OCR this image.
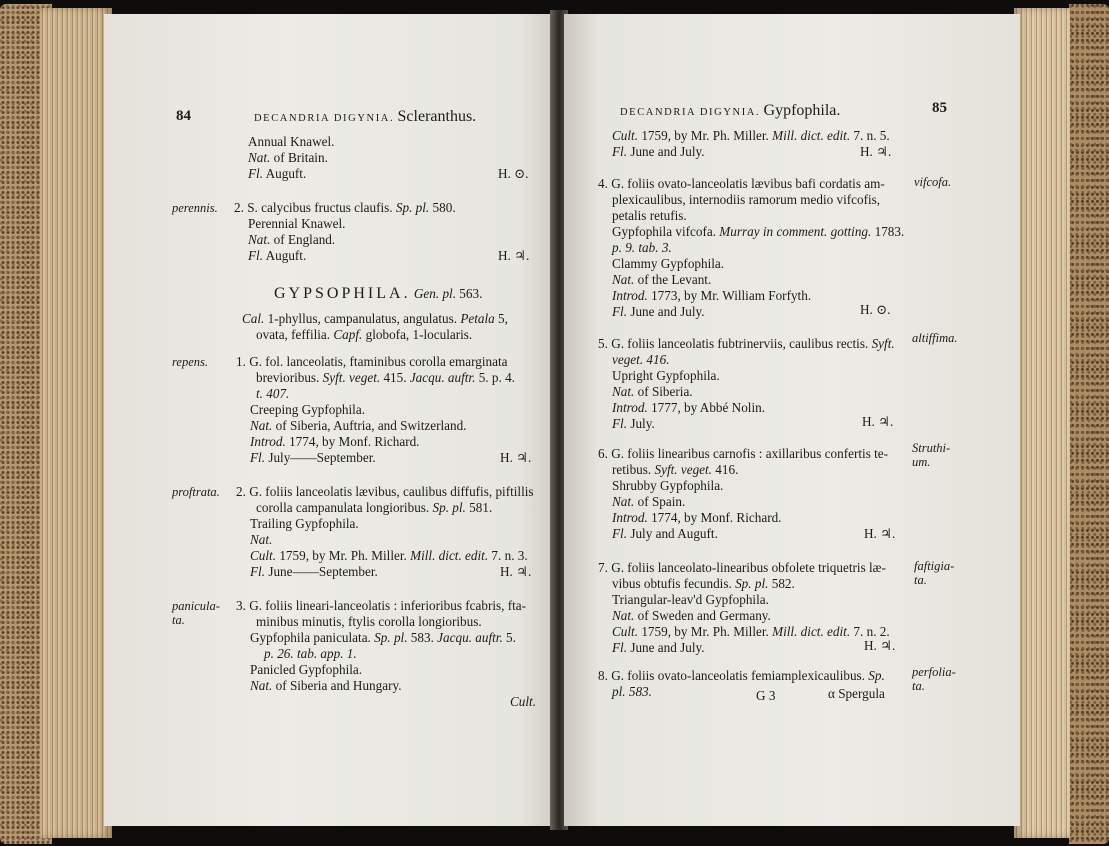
84	DECANDRIA DIGYNIA. Scleranthus.
Annual Knawel.
Nat. of Britain.
Fl. Auguft.	H. ⊙.
perennis. 2. S. calycibus fructus claufis. Sp. pl. 580.
Perennial Knawel.
Nat. of England.
Fl. Auguft.	H. ♃.
GYPSOPHILA. Gen. pl. 563.
Cal. 1-phyllus, campanulatus, angulatus. Petala 5,
ovata, feffilia. Capf. globofa, 1-locularis.
repens. 1. G. fol. lanceolatis, ftaminibus corolla emarginata
brevioribus. Syft. veget. 415. Jacqu. auftr. 5. p. 4.
t. 407.
Creeping Gypfophila.
Nat. of Siberia, Auftria, and Switzerland.
Introd. 1774, by Monf. Richard.
Fl. July——September.	H. ♃.
proftrata. 2. G. foliis lanceolatis lævibus, caulibus diffufis, piftillis
corolla campanulata longioribus. Sp. pl. 581.
Trailing Gypfophila.
Nat.
Cult. 1759, by Mr. Ph. Miller. Mill. dict. edit. 7. n. 3.
Fl. June——September.	H. ♃.
panicula-
ta.
3. G. foliis lineari-lanceolatis : inferioribus fcabris, fta-
minibus minutis, ftylis corolla longioribus.
Gypfophila paniculata. Sp. pl. 583. Jacqu. auftr. 5.
p. 26. tab. app. 1.
Panicled Gypfophila.
Nat. of Siberia and Hungary.
Cult.
DECANDRIA DIGYNIA. Gypfophila.	85
Cult. 1759, by Mr. Ph. Miller. Mill. dict. edit. 7. n. 5.
Fl. June and July.	H. ♃.
4. G. foliis ovato-lanceolatis lævibus bafi cordatis am- vifcofa.
plexicaulibus, internodiis ramorum medio vifcofis,
petalis retufis.
Gypfophila vifcofa. Murray in comment. gotting. 1783.
p. 9. tab. 3.
Clammy Gypfophila.
Nat. of the Levant.
Introd. 1773, by Mr. William Forfyth.
Fl. June and July.	H. ⊙.
5. G. foliis lanceolatis fubtrinerviis, caulibus rectis. Syft. altiffima.
veget. 416.
Upright Gypfophila.
Nat. of Siberia.
Introd. 1777, by Abbé Nolin.
Fl. July.	H. ♃.
6. G. foliis linearibus carnofis : axillaribus confertis te- Struthi-
um.
retibus. Syft. veget. 416.
Shrubby Gypfophila.
Nat. of Spain.
Introd. 1774, by Monf. Richard.
Fl. July and Auguft.	H. ♃.
7. G. foliis lanceolato-linearibus obfolete triquetris læ- faftigia-
ta.
vibus obtufis fecundis. Sp. pl. 582.
Triangular-leav'd Gypfophila.
Nat. of Sweden and Germany.
Cult. 1759, by Mr. Ph. Miller. Mill. dict. edit. 7. n. 2.
Fl. June and July.	H. ♃.
8. G. foliis ovato-lanceolatis femiamplexicaulibus. Sp. perfolia-
ta.
pl. 583.	G 3	α Spergula
